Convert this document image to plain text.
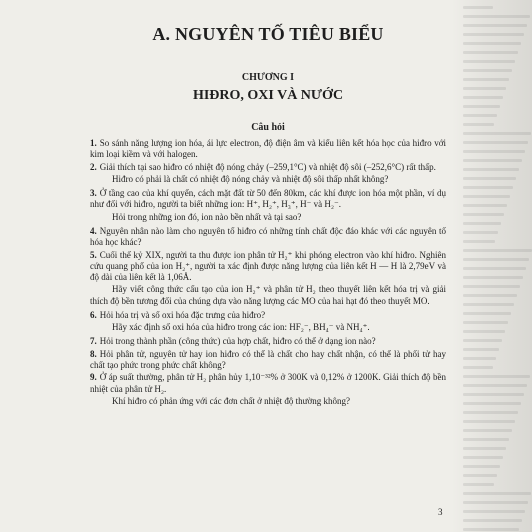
A. NGUYÊN TỐ TIÊU BIỂU
CHƯƠNG I
HIĐRO, OXI VÀ NƯỚC
Câu hỏi

1. So sánh năng lượng ion hóa, ái lực electron, độ điện âm và kiểu liên kết hóa học của hiđro với kim loại kiềm và với halogen.

2. Giải thích tại sao hiđro có nhiệt độ nóng chảy (–259,1°C) và nhiệt độ sôi (–252,6°C) rất thấp.

Hiđro có phải là chất có nhiệt độ nóng chảy và nhiệt độ sôi thấp nhất không?

3. Ở tầng cao của khí quyển, cách mặt đất từ 50 đến 80km, các khí được ion hóa một phần, ví dụ như đối với hiđro, người ta biết những ion: H⁺, H₂⁺, H₃⁺, H⁻ và H₂⁻.

Hỏi trong những ion đó, ion nào bền nhất và tại sao?

4. Nguyên nhân nào làm cho nguyên tố hiđro có những tính chất độc đáo khác với các nguyên tố hóa học khác?

5. Cuối thế kỷ XIX, người ta thu được ion phân tử H₂⁺ khi phóng electron vào khí hiđro. Nghiên cứu quang phổ của ion H₂⁺, người ta xác định được năng lượng của liên kết H — H là 2,79eV và độ dài của liên kết là 1,06Å.

Hãy viết công thức cấu tạo của ion H₂⁺ và phân tử H₂ theo thuyết liên kết hóa trị và giải thích độ bền tương đối của chúng dựa vào năng lượng các MO của hai hạt đó theo thuyết MO.

6. Hỏi hóa trị và số oxi hóa đặc trưng của hiđro?

Hãy xác định số oxi hóa của hiđro trong các ion: HF₂⁻, BH₄⁻ và NH₄⁺.

7. Hỏi trong thành phần (công thức) của hợp chất, hiđro có thể ở dạng ion nào?

8. Hỏi phân tử, nguyên tử hay ion hiđro có thể là chất cho hay chất nhận, có thể là phối tử hay chất tạo phức trong phức chất không?

9. Ở áp suất thường, phân tử H₂ phân hủy 1,10⁻³²% ở 300K và 0,12% ở 1200K. Giải thích độ bền nhiệt của phân tử H₂.

Khí hiđro có phản ứng với các đơn chất ở nhiệt độ thường không?

3
